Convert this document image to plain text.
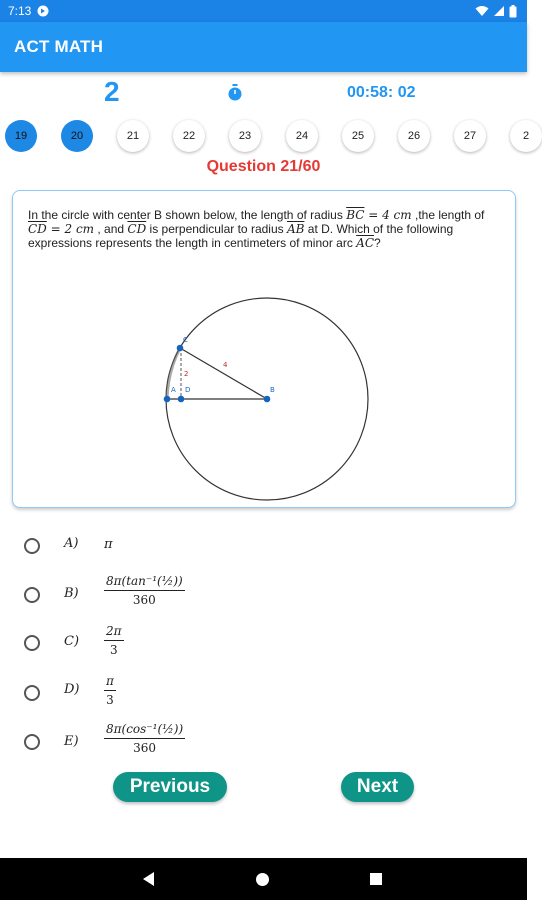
7:13
ACT MATH
2	00:58: 02
19	20	21	22	23	24	25	26	27	2
Question 21/60
In the circle with center B shown below, the length of radius $\overline{BC} = 4$ cm ,the length of $\overline{CD} = 2$ cm , and $\overline{CD}$ is perpendicular to radius $\overline{AB}$ at D. Which of the following expressions represents the length in centimeters of minor arc $\overline{AC}$?
C
A D	B
2
4
A) π
$B) \frac{\text{8π(tan⁻¹(½))}}{360}$
$C) \frac{2\pi}{3}$
$D) \frac{\pi}{3}$
$E) \frac{\text{8π(cos⁻¹(½))}}{360}$
Previous	Next
